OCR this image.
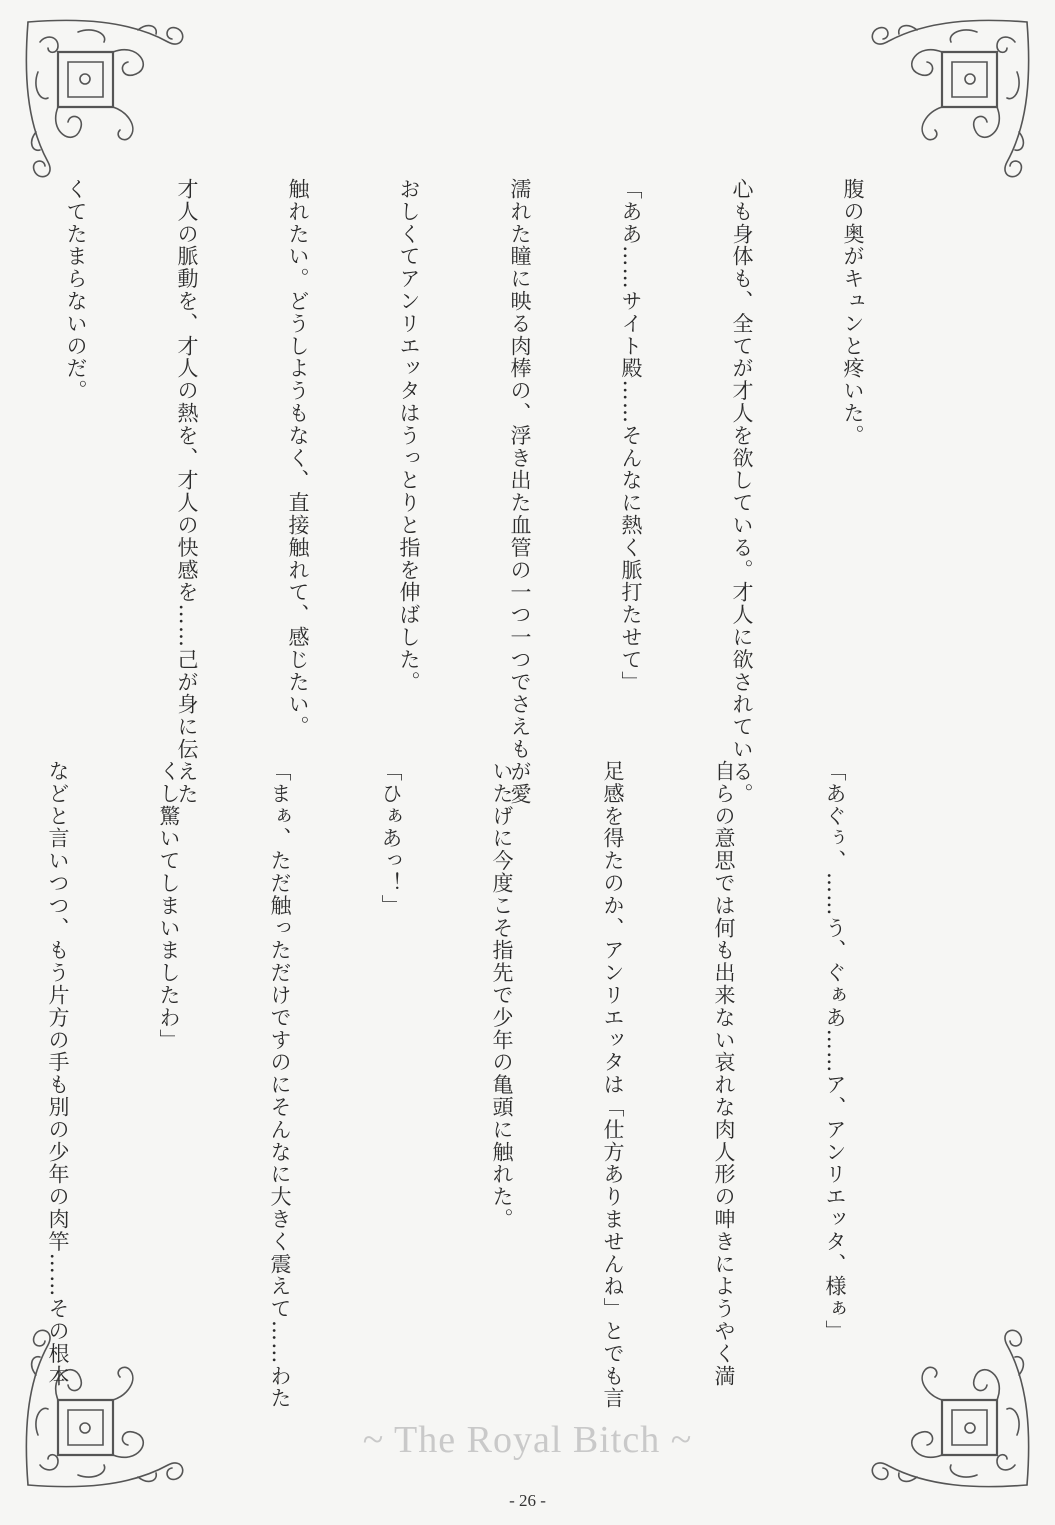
腹の奥がキュンと疼いた。

心も身体も、全てが才人を欲している。才人に欲されている。

「ああ……サイト殿……そんなに熱く脈打たせて」

濡れた瞳に映る肉棒の、浮き出た血管の一つ一つでさえもが愛

おしくてアンリエッタはうっとりと指を伸ばした。

触れたい。どうしようもなく、直接触れて、感じたい。

才人の脈動を、才人の熱を、才人の快感を……己が身に伝えた

くてたまらないのだ。

「あぐぅ、……う、ぐぁあ……ア、アンリエッタ、様ぁ」

自らの意思では何も出来ない哀れな肉人形の呻きにようやく満

足感を得たのか、アンリエッタは「仕方ありませんね」とでも言

いたげに今度こそ指先で少年の亀頭に触れた。

「ひぁあっ！」

「まぁ、ただ触っただけですのにそんなに大きく震えて……わた

くし驚いてしまいましたわ」

などと言いつつ、もう片方の手も別の少年の肉竿……その根本

~ The Royal Bitch ~
- 26 -
